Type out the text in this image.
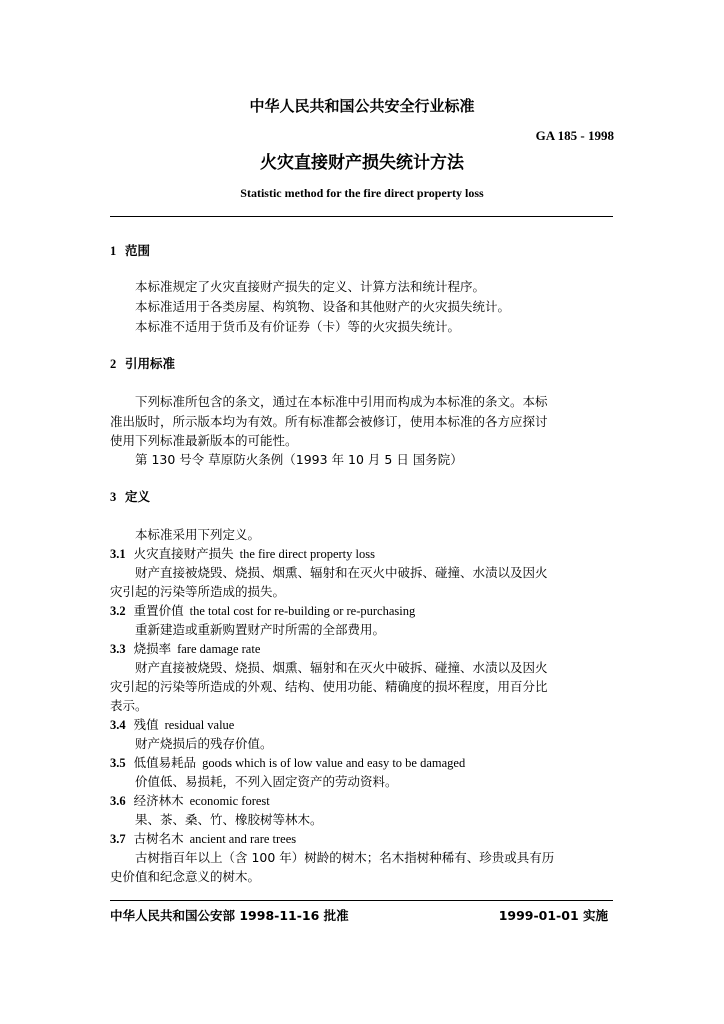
中华人民共和国公共安全行业标准
GA 185 - 1998
火灾直接财产损失统计方法
Statistic method for the fire direct property loss
1 范围
本标准规定了火灾直接财产损失的定义、计算方法和统计程序。
本标准适用于各类房屋、构筑物、设备和其他财产的火灾损失统计。
本标准不适用于货币及有价证券（卡）等的火灾损失统计。
2 引用标准
下列标准所包含的条文，通过在本标准中引用而构成为本标准的条文。本标
准出版时，所示版本均为有效。所有标准都会被修订，使用本标准的各方应探讨
使用下列标准最新版本的可能性。
第 130 号令 草原防火条例（1993 年 10 月 5 日 国务院）
3 定义
本标准采用下列定义。
3.1 火灾直接财产损失 the fire direct property loss
财产直接被烧毁、烧损、烟熏、辐射和在灭火中破拆、碰撞、水渍以及因火
灾引起的污染等所造成的损失。
3.2 重置价值 the total cost for re-building or re-purchasing
重新建造或重新购置财产时所需的全部费用。
3.3 烧损率 fare damage rate
财产直接被烧毁、烧损、烟熏、辐射和在灭火中破拆、碰撞、水渍以及因火
灾引起的污染等所造成的外观、结构、使用功能、精确度的损坏程度，用百分比
表示。
3.4 残值 residual value
财产烧损后的残存价值。
3.5 低值易耗品 goods which is of low value and easy to be damaged
价值低、易损耗，不列入固定资产的劳动资料。
3.6 经济林木 economic forest
果、茶、桑、竹、橡胶树等林木。
3.7 古树名木 ancient and rare trees
古树指百年以上（含 100 年）树龄的树木；名木指树种稀有、珍贵或具有历
史价值和纪念意义的树木。
中华人民共和国公安部 1998-11-16 批准	1999-01-01 实施
